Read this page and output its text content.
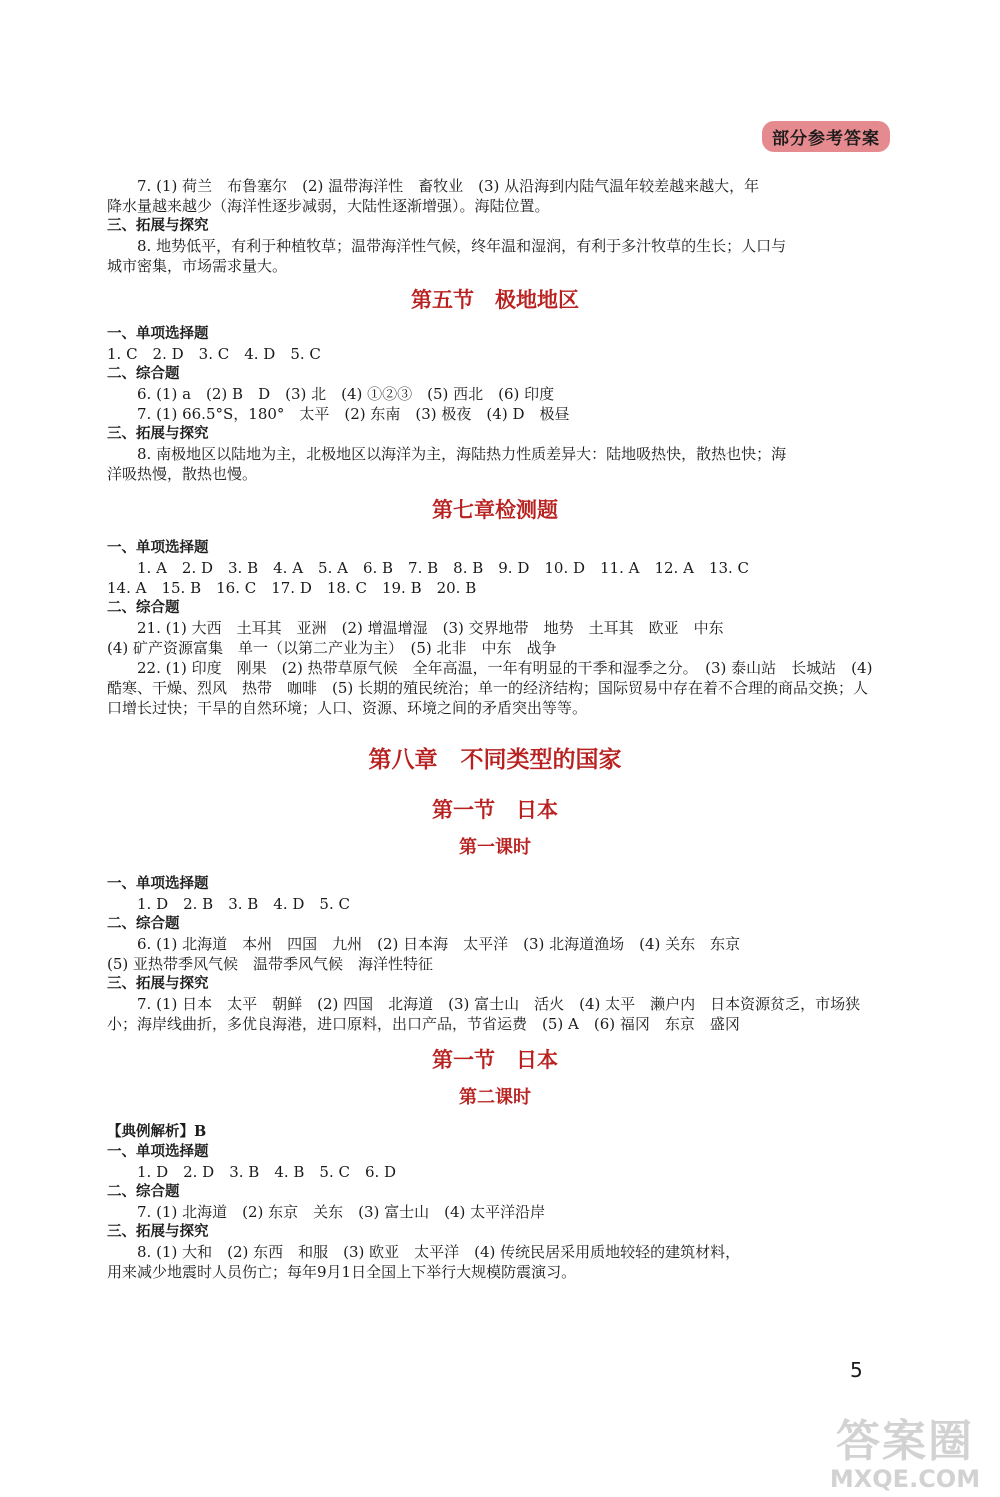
部分参考答案
7. (1) 荷兰　布鲁塞尔　(2) 温带海洋性　畜牧业　(3) 从沿海到内陆气温年较差越来越大，年
降水量越来越少（海洋性逐步减弱，大陆性逐渐增强）。海陆位置。
三、拓展与探究
8. 地势低平，有利于种植牧草；温带海洋性气候，终年温和湿润，有利于多汁牧草的生长；人口与
城市密集，市场需求量大。
第五节　极地地区
一、单项选择题
1. C　2. D　3. C　4. D　5. C
二、综合题
6. (1) a　(2) B　D　(3) 北　(4) ①②③　(5) 西北　(6) 印度
7. (1) 66.5°S，180°　太平　(2) 东南　(3) 极夜　(4) D　极昼
三、拓展与探究
8. 南极地区以陆地为主，北极地区以海洋为主，海陆热力性质差异大：陆地吸热快，散热也快；海
洋吸热慢，散热也慢。
第七章检测题
一、单项选择题
1. A　2. D　3. B　4. A　5. A　6. B　7. B　8. B　9. D　10. D　11. A　12. A　13. C
14. A　15. B　16. C　17. D　18. C　19. B　20. B
二、综合题
21. (1) 大西　土耳其　亚洲　(2) 增温增湿　(3) 交界地带　地势　土耳其　欧亚　中东
(4) 矿产资源富集　单一（以第二产业为主）　(5) 北非　中东　战争
22. (1) 印度　刚果　(2) 热带草原气候　全年高温，一年有明显的干季和湿季之分。　(3) 泰山站　长城站　(4) 酷寒、干燥、烈风　热带　咖啡　(5) 长期的殖民统治；单一的经济结构；国际贸易中存在着不合理的商品交换；人口增长过快；干旱的自然环境；人口、资源、环境之间的矛盾突出等等。
第八章　不同类型的国家
第一节　日本
第一课时
一、单项选择题
1. D　2. B　3. B　4. D　5. C
二、综合题
6. (1) 北海道　本州　四国　九州　(2) 日本海　太平洋　(3) 北海道渔场　(4) 关东　东京
(5) 亚热带季风气候　温带季风气候　海洋性特征
三、拓展与探究
7. (1) 日本　太平　朝鲜　(2) 四国　北海道　(3) 富士山　活火　(4) 太平　濑户内　日本资源贫乏，市场狭小；海岸线曲折，多优良海港，进口原料，出口产品，节省运费　(5) A　(6) 福冈　东京　盛冈
第一节　日本
第二课时
【典例解析】B
一、单项选择题
1. D　2. D　3. B　4. B　5. C　6. D
二、综合题
7. (1) 北海道　(2) 东京　关东　(3) 富士山　(4) 太平洋沿岸
三、拓展与探究
8. (1) 大和　(2) 东西　和服　(3) 欧亚　太平洋　(4) 传统民居采用质地较轻的建筑材料，
用来减少地震时人员伤亡；每年9月1日全国上下举行大规模防震演习。
5
答案圈
MXQE.COM
